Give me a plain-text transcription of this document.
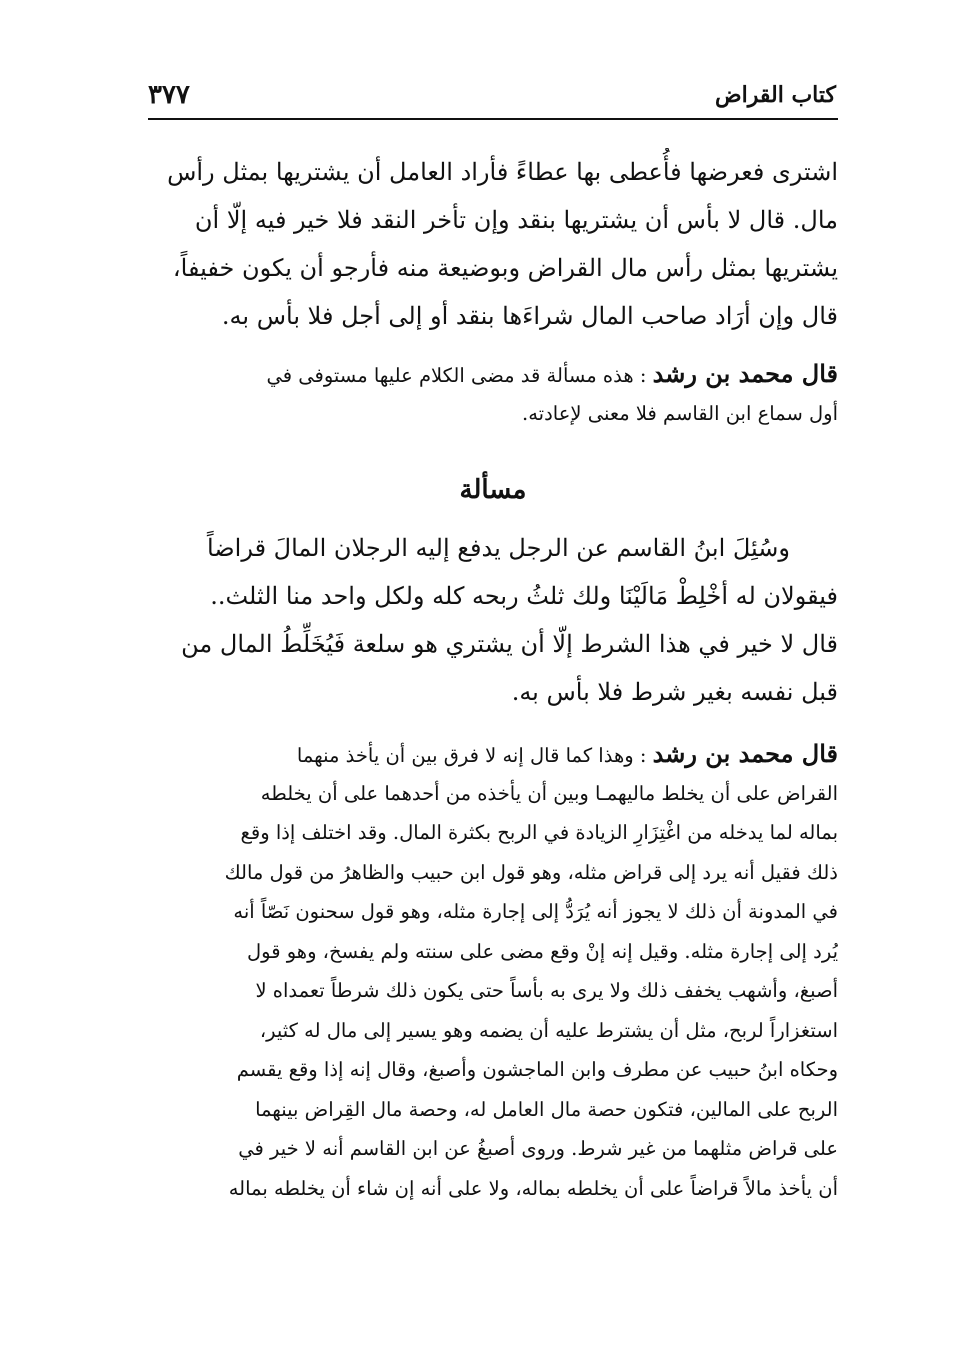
كتاب القراض
٣٧٧
اشترى فعرضها فأُعطى بها عطاءً فأراد العامل أن يشتريها بمثل رأس
مال. قال لا بأس أن يشتريها بنقد وإن تأخر النقد فلا خير فيه إلّا أن
يشتريها بمثل رأس مال القراض وبوضيعة منه فأرجو أن يكون خفيفاً،
قال وإن أرَاد صاحب المال شراءَها بنقد أو إلى أجل فلا بأس به.
قال محمد بن رشد : هذه مسألة قد مضى الكلام عليها مستوفى في
أول سماع ابن القاسم فلا معنى لإعادته.
مسألة
وسُئِلَ ابنُ القاسم عن الرجل يدفع إليه الرجلان المالَ قراضاً
فيقولان له أخْلِطْ مَالَيْنَا ولك ثلثُ ربحه كله ولكل واحد منا الثلث..
قال لا خير في هذا الشرط إلّا أن يشتري هو سلعة فَيُخَلِّطُ المال من
قبل نفسه بغير شرط فلا بأس به.
قال محمد بن رشد : وهذا كما قال إنه لا فرق بين أن يأخذ منهما
القراض على أن يخلط ماليهمـا وبين أن يأخذه من أحدهما على أن يخلطه
بماله لما يدخله من اغْتِزَارِ الزيادة في الربح بكثرة المال. وقد اختلف إذا وقع
ذلك فقيل أنه يرد إلى قراض مثله، وهو قول ابن حبيب والظاهرُ من قول مالك
في المدونة أن ذلك لا يجوز أنه يُرَدُّ إلى إجارة مثله، وهو قول سحنون نَصّاً أنه
يُرد إلى إجارة مثله. وقيل إنه إنْ وقع مضى على سنته ولم يفسخ، وهو قول
أصبغ، وأشهب يخفف ذلك ولا يرى به بأساً حتى يكون ذلك شرطاً تعمداه لا
استغزاراً لربح، مثل أن يشترط عليه أن يضمه وهو يسير إلى مال له كثير،
وحكاه ابنُ حبيب عن مطرف وابن الماجشون وأصبغ، وقال إنه إذا وقع يقسم
الربح على المالين، فتكون حصة مال العامل له، وحصة مال القِراض بينهما
على قراض مثلهما من غير شرط. وروى أصبغُ عن ابن القاسم أنه لا خير في
أن يأخذ مالاً قراضاً على أن يخلطه بماله، ولا على أنه إن شاء أن يخلطه بماله
